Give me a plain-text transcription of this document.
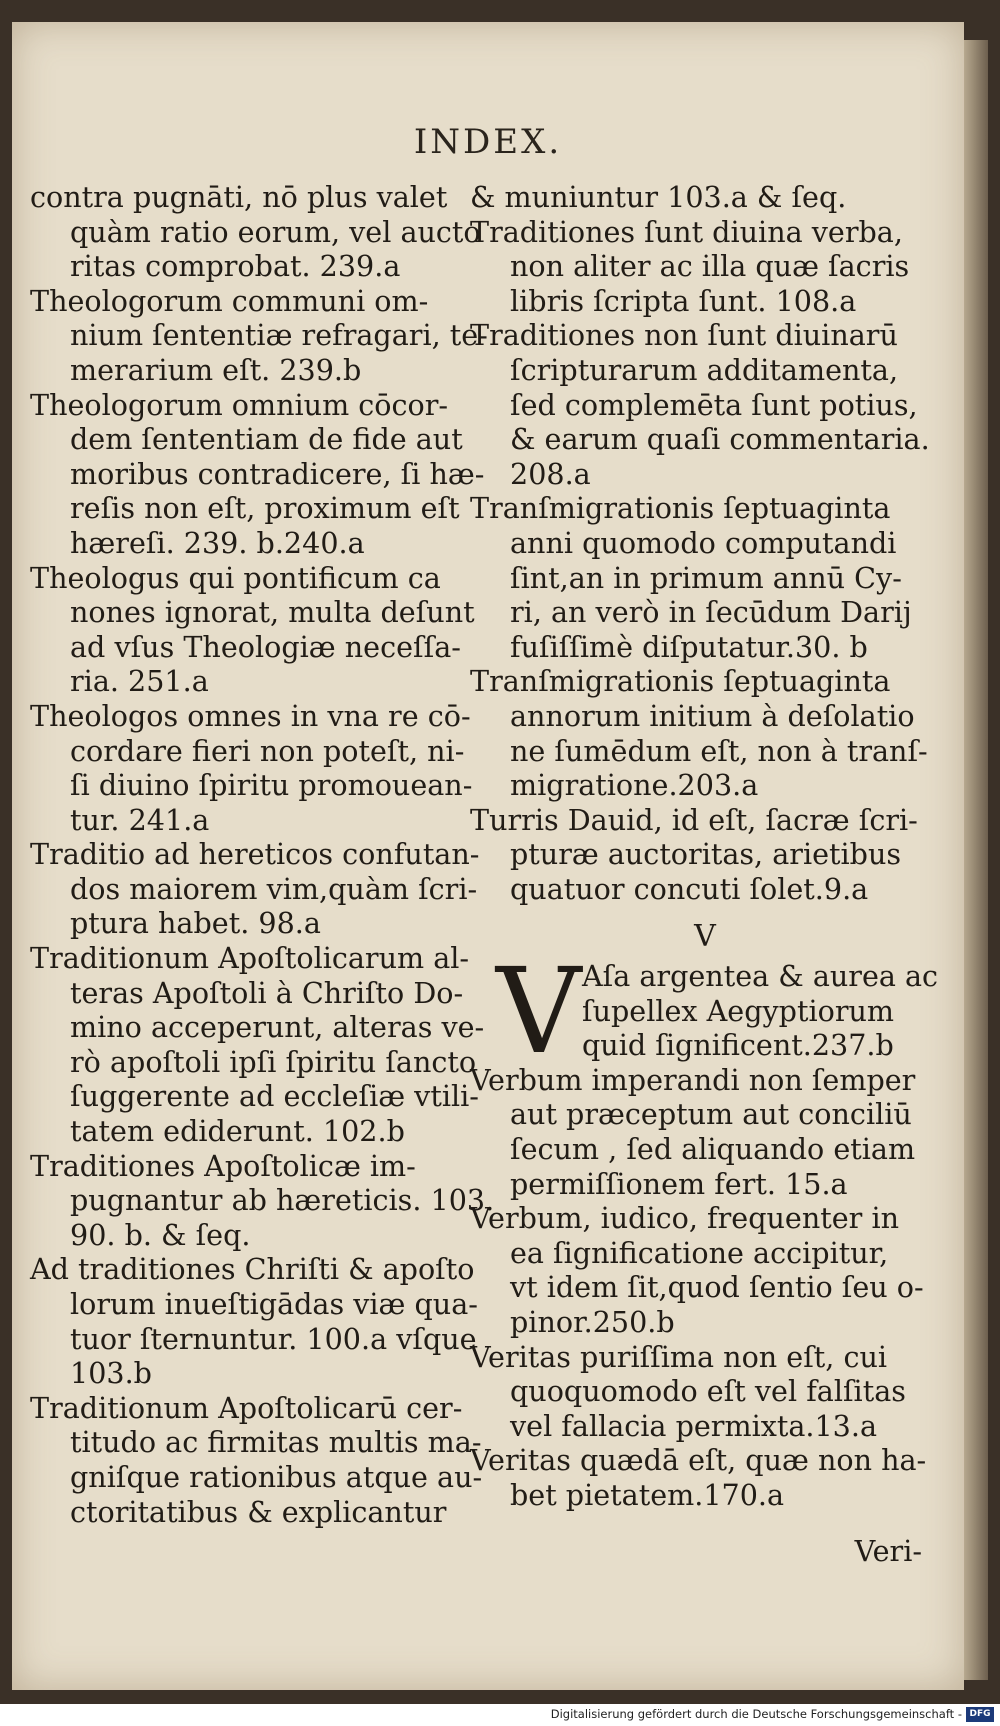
INDEX.
contra pugnāti, nō plus valet
quàm ratio eorum, vel aucto
ritas comprobat. 239.a
Theologorum communi om-
nium ſententiæ refragari, te-
merarium eſt. 239.b
Theologorum omnium cōcor-
dem ſententiam de fide aut
moribus contradicere, ſi hæ-
reſis non eſt, proximum eſt
hæreſi. 239. b.240.a
Theologus qui pontificum ca
nones ignorat, multa deſunt
ad vſus Theologiæ neceſſa-
ria. 251.a
Theologos omnes in vna re cō-
cordare fieri non poteſt, ni-
ſi diuino ſpiritu promouean-
tur. 241.a
Traditio ad hereticos confutan-
dos maiorem vim,quàm ſcri-
ptura habet. 98.a
Traditionum Apoſtolicarum al-
teras Apoſtoli à Chriſto Do-
mino acceperunt, alteras ve-
rò apoſtoli ipſi ſpiritu ſancto
ſuggerente ad eccleſiæ vtili-
tatem ediderunt. 102.b
Traditiones Apoſtolicæ im-
pugnantur ab hæreticis. 103.
90. b. & ſeq.
Ad traditiones Chriſti & apoſto
lorum inueſtigādas viæ qua-
tuor ſternuntur. 100.a vſque
103.b
Traditionum Apoſtolicarū cer-
titudo ac firmitas multis ma-
gniſque rationibus atque au-
ctoritatibus & explicantur
& muniuntur 103.a & ſeq.
Traditiones ſunt diuina verba,
non aliter ac illa quæ ſacris
libris ſcripta ſunt. 108.a
Traditiones non ſunt diuinarū
ſcripturarum additamenta,
ſed complemēta ſunt potius,
& earum quaſi commentaria.
208.a
Tranſmigrationis ſeptuaginta
anni quomodo computandi
ſint,an in primum annū Cy-
ri, an verò in ſecūdum Darij
fuſiſſimè diſputatur.30. b
Tranſmigrationis ſeptuaginta
annorum initium à deſolatio
ne ſumēdum eſt, non à tranſ-
migratione.203.a
Turris Dauid, id eſt, ſacræ ſcri-
pturæ auctoritas, arietibus
quatuor concuti ſolet.9.a
V
V Aſa argentea & aurea ac
ſupellex Aegyptiorum
quid ſignificent.237.b
Verbum imperandi non ſemper
aut præceptum aut conciliū
ſecum , ſed aliquando etiam
permiſſionem fert. 15.a
Verbum, iudico, frequenter in
ea ſignificatione accipitur,
vt idem ſit,quod ſentio ſeu o-
pinor.250.b
Veritas puriſſima non eſt, cui
quoquomodo eſt vel falſitas
vel fallacia permixta.13.a
Veritas quædā eſt, quæ non ha-
bet pietatem.170.a
Veri-
Digitalisierung gefördert durch die Deutsche Forschungsgemeinschaft - DFG
